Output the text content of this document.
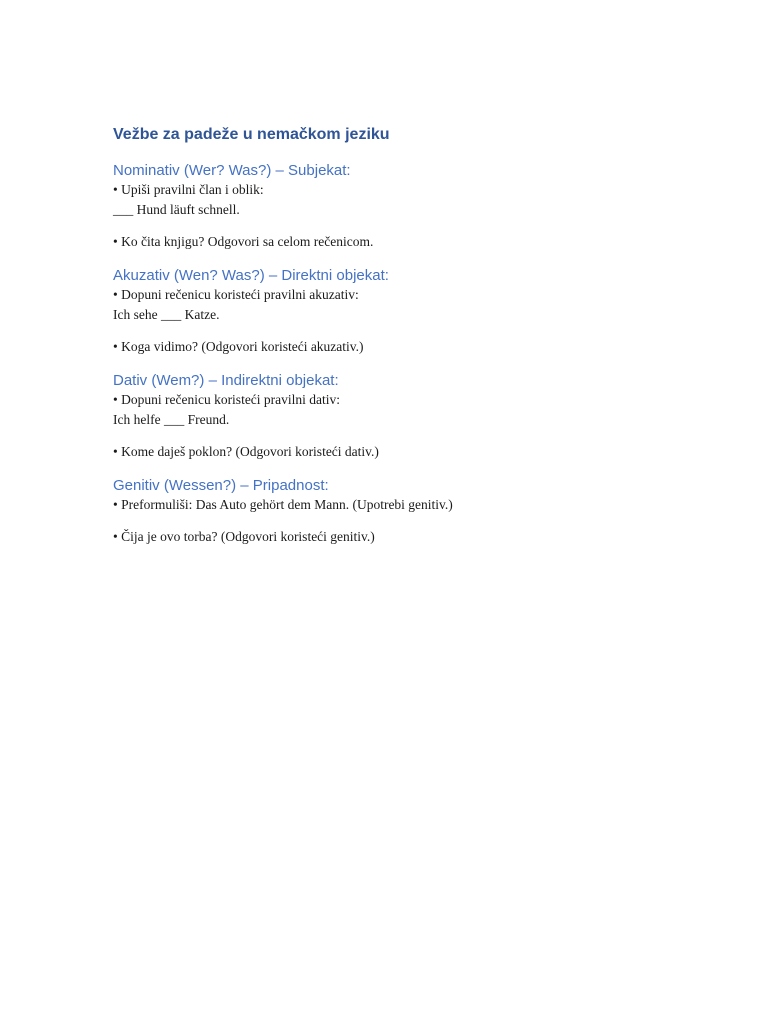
Vežbe za padeže u nemačkom jeziku
Nominativ (Wer? Was?) – Subjekat:

• Upiši pravilni član i oblik:
___ Hund läuft schnell.

• Ko čita knjigu? Odgovori sa celom rečenicom.

Akuzativ (Wen? Was?) – Direktni objekat:

• Dopuni rečenicu koristeći pravilni akuzativ:
Ich sehe ___ Katze.

• Koga vidimo? (Odgovori koristeći akuzativ.)

Dativ (Wem?) – Indirektni objekat:

• Dopuni rečenicu koristeći pravilni dativ:
Ich helfe ___ Freund.

• Kome daješ poklon? (Odgovori koristeći dativ.)

Genitiv (Wessen?) – Pripadnost:

• Preformuliši: Das Auto gehört dem Mann. (Upotrebi genitiv.)

• Čija je ovo torba? (Odgovori koristeći genitiv.)
